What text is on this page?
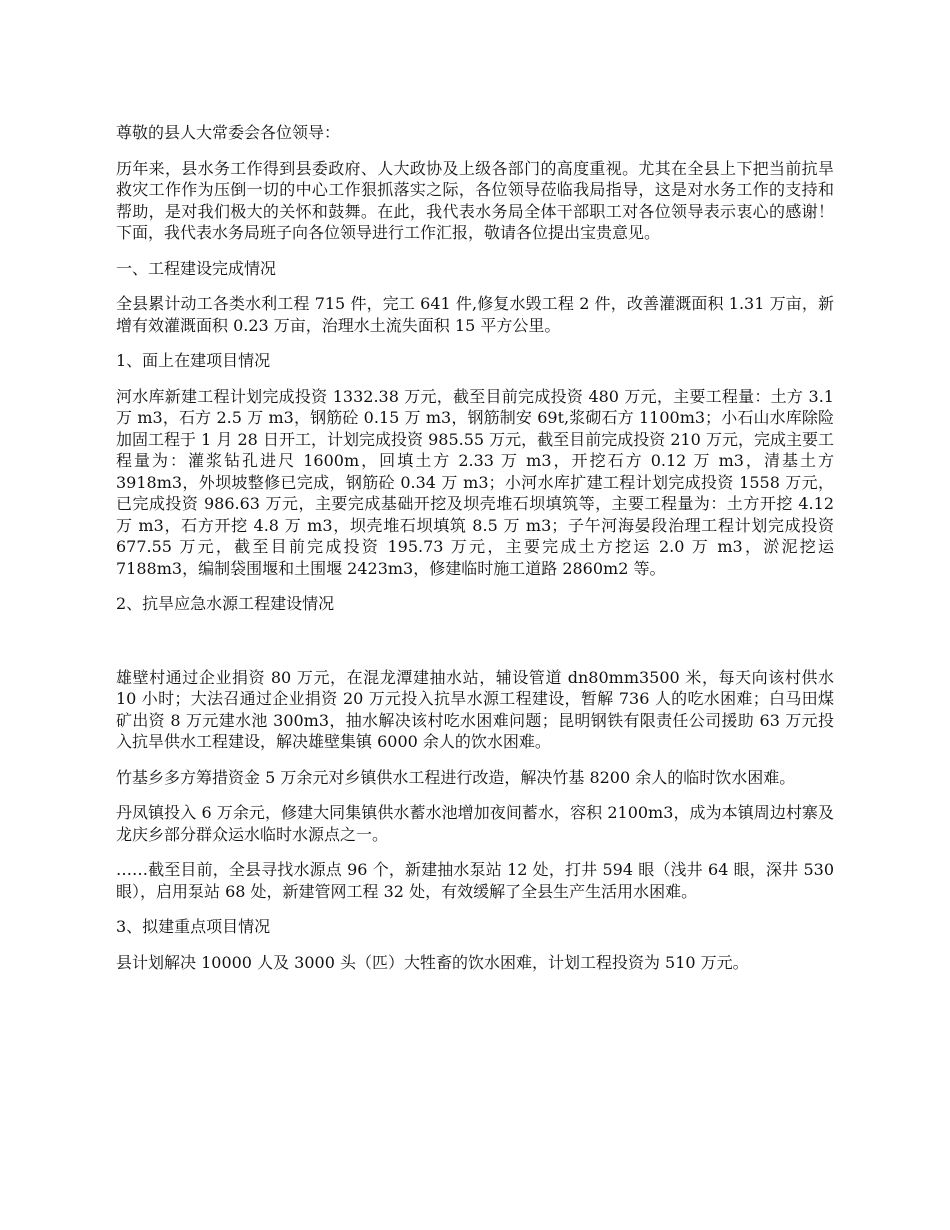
尊敬的县人大常委会各位领导：

历年来，县水务工作得到县委政府、人大政协及上级各部门的高度重视。尤其在全县上下把当前抗旱救灾工作作为压倒一切的中心工作狠抓落实之际，各位领导莅临我局指导，这是对水务工作的支持和帮助，是对我们极大的关怀和鼓舞。在此，我代表水务局全体干部职工对各位领导表示衷心的感谢！下面，我代表水务局班子向各位领导进行工作汇报，敬请各位提出宝贵意见。

一、工程建设完成情况

全县累计动工各类水利工程 715 件，完工 641 件,修复水毁工程 2 件，改善灌溉面积 1.31 万亩，新增有效灌溉面积 0.23 万亩，治理水土流失面积 15 平方公里。

1、面上在建项目情况

河水库新建工程计划完成投资 1332.38 万元，截至目前完成投资 480 万元，主要工程量：土方 3.1 万 m3，石方 2.5 万 m3，钢筋砼 0.15 万 m3，钢筋制安 69t,浆砌石方 1100m3；小石山水库除险加固工程于 1 月 28 日开工，计划完成投资 985.55 万元，截至目前完成投资 210 万元，完成主要工程量为：灌浆钻孔进尺 1600m，回填土方 2.33 万 m3，开挖石方 0.12 万 m3，清基土方 3918m3，外坝坡整修已完成，钢筋砼 0.34 万 m3；小河水库扩建工程计划完成投资 1558 万元，已完成投资 986.63 万元，主要完成基础开挖及坝壳堆石坝填筑等，主要工程量为：土方开挖 4.12 万 m3，石方开挖 4.8 万 m3，坝壳堆石坝填筑 8.5 万 m3；子午河海晏段治理工程计划完成投资 677.55 万元，截至目前完成投资 195.73 万元，主要完成土方挖运 2.0 万 m3，淤泥挖运 7188m3，编制袋围堰和土围堰 2423m3，修建临时施工道路 2860m2 等。

2、抗旱应急水源工程建设情况

雄壁村通过企业捐资 80 万元，在混龙潭建抽水站，辅设管道 dn80mm3500 米，每天向该村供水 10 小时；大法召通过企业捐资 20 万元投入抗旱水源工程建设，暂解 736 人的吃水困难；白马田煤矿出资 8 万元建水池 300m3，抽水解决该村吃水困难问题；昆明钢铁有限责任公司援助 63 万元投入抗旱供水工程建设，解决雄壁集镇 6000 余人的饮水困难。

竹基乡多方筹措资金 5 万余元对乡镇供水工程进行改造，解决竹基 8200 余人的临时饮水困难。

丹凤镇投入 6 万余元，修建大同集镇供水蓄水池增加夜间蓄水，容积 2100m3，成为本镇周边村寨及龙庆乡部分群众运水临时水源点之一。

……截至目前，全县寻找水源点 96 个，新建抽水泵站 12 处，打井 594 眼（浅井 64 眼，深井 530 眼），启用泵站 68 处，新建管网工程 32 处，有效缓解了全县生产生活用水困难。

3、拟建重点项目情况

县计划解决 10000 人及 3000 头（匹）大牲畜的饮水困难，计划工程投资为 510 万元。
